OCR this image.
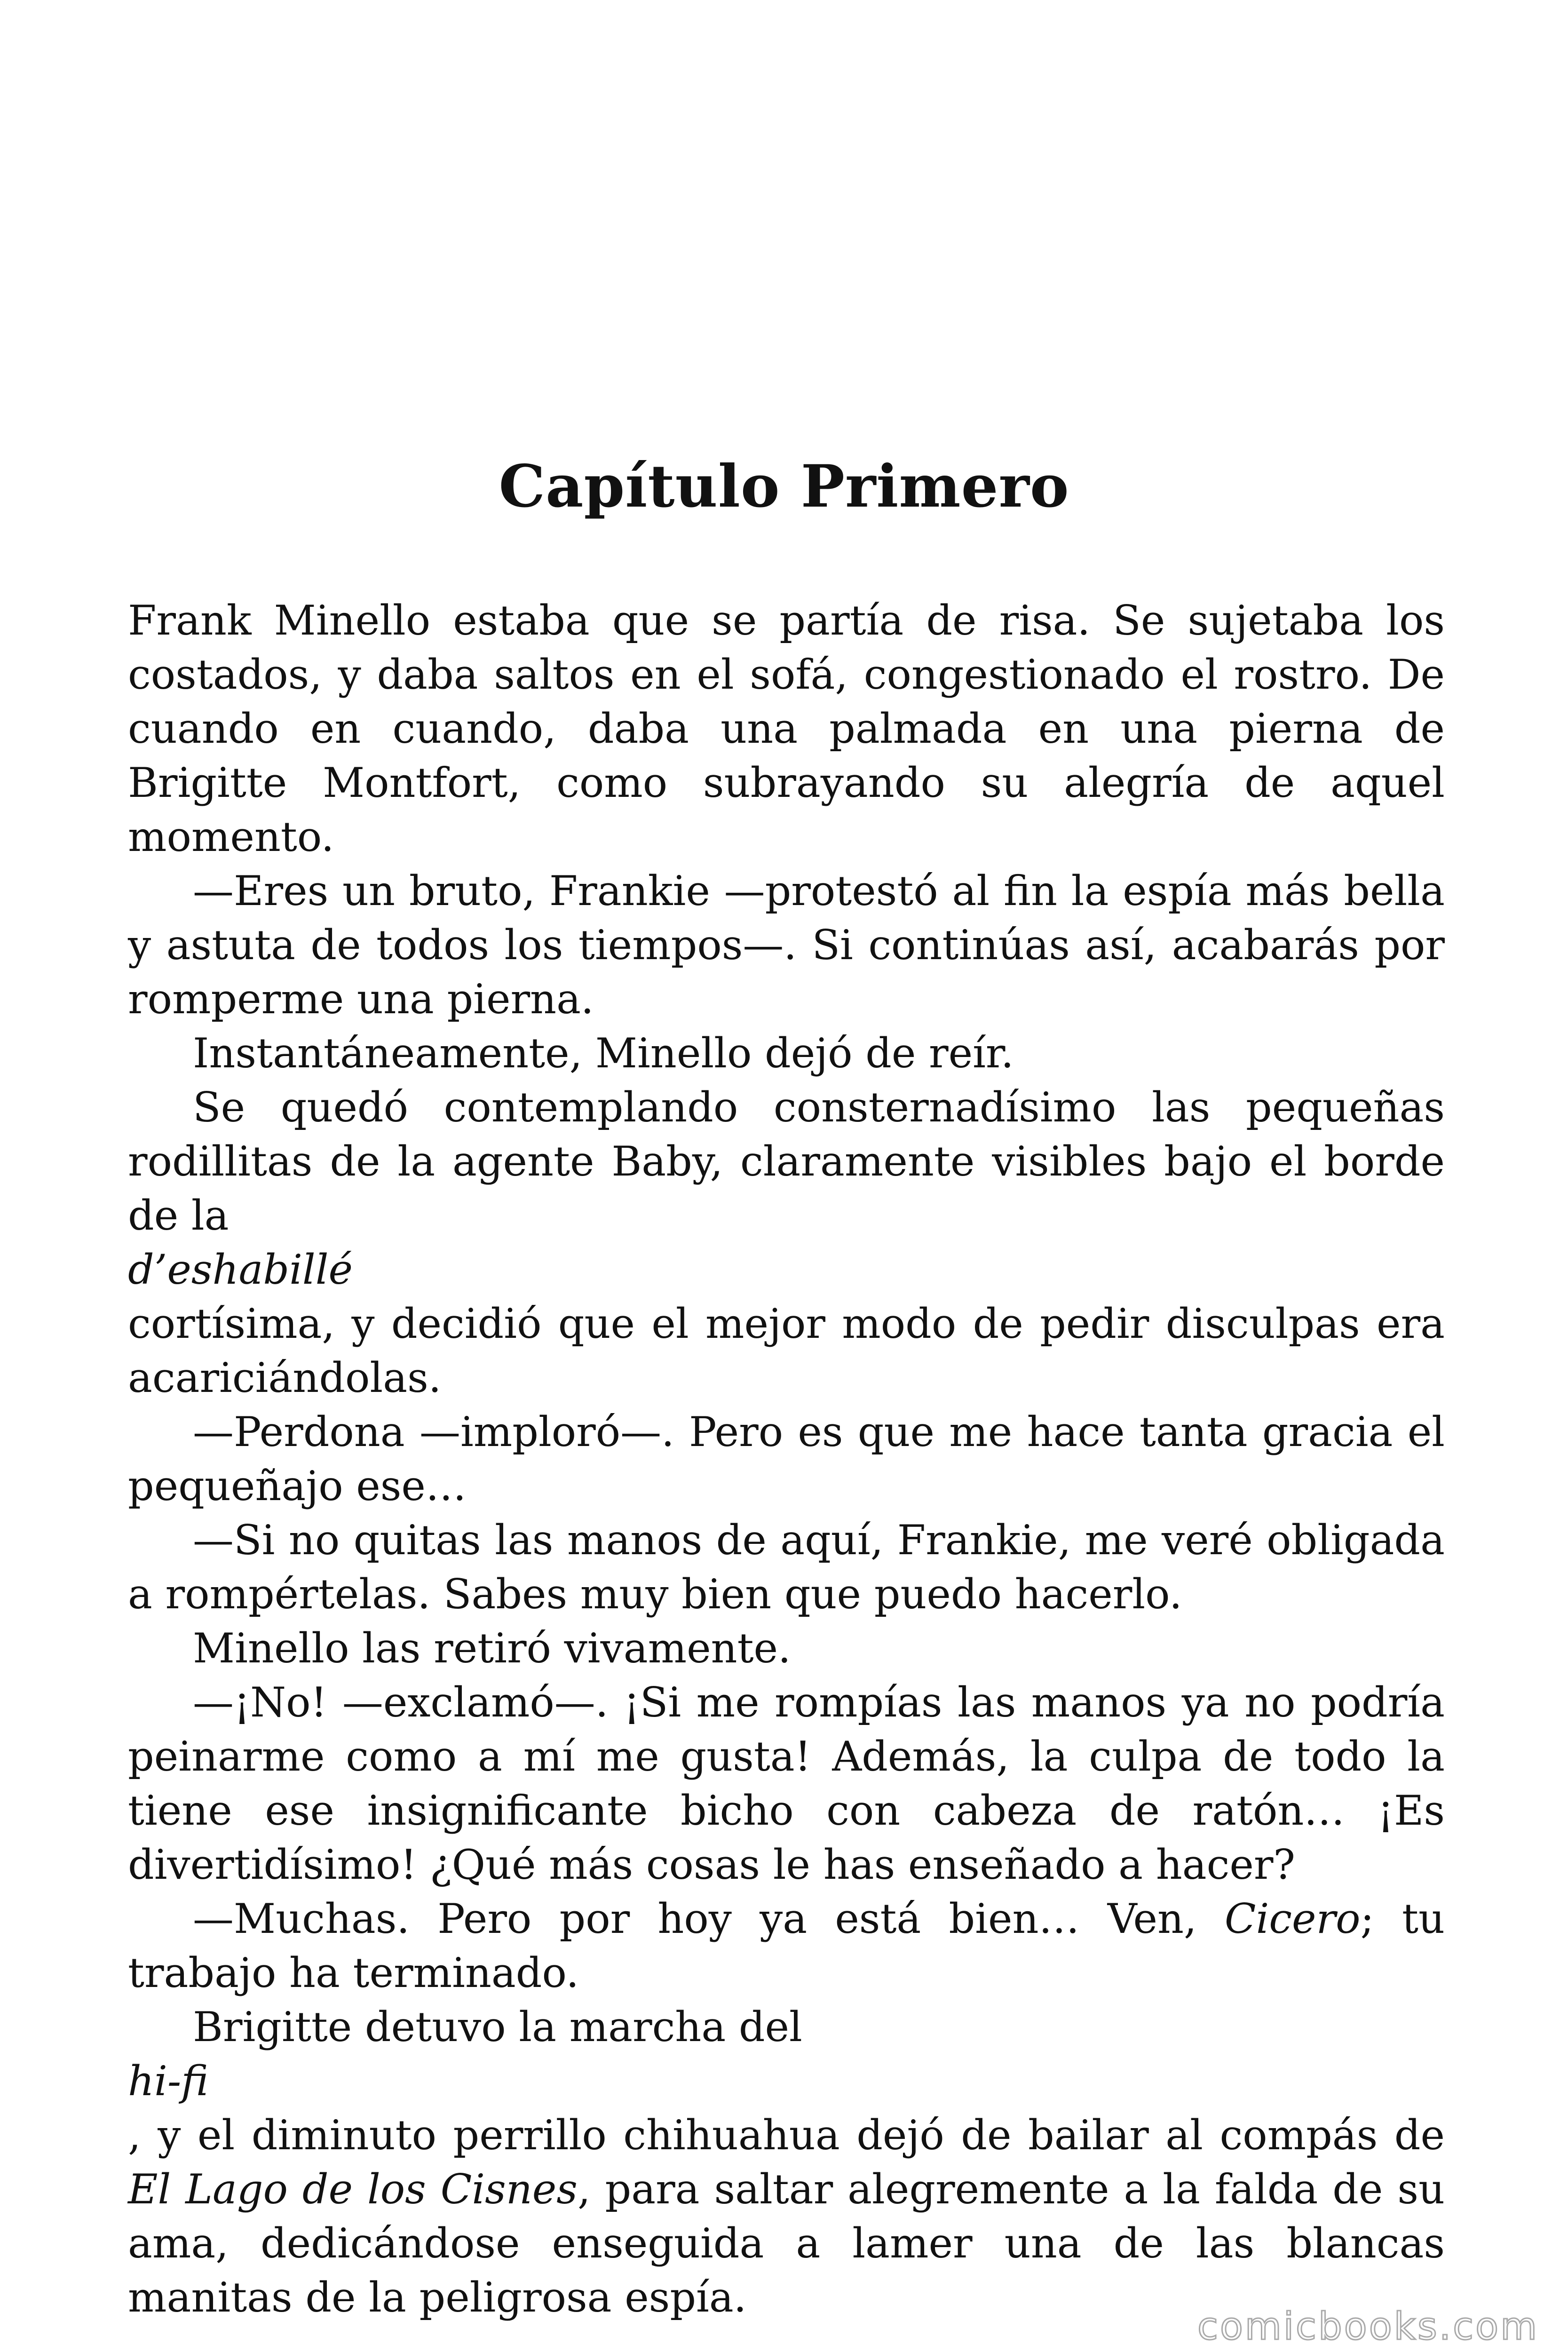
Capítulo Primero

Frank Minello estaba que se partía de risa. Se sujetaba los costados, y daba saltos en el sofá, congestionado el rostro. De cuando en cuando, daba una palmada en una pierna de Brigitte Montfort, como subrayando su alegría de aquel momento.

—Eres un bruto, Frankie —protestó al fin la espía más bella y astuta de todos los tiempos—. Si continúas así, acabarás por romperme una pierna.

Instantáneamente, Minello dejó de reír.

Se quedó contemplando consternadísimo las pequeñas rodillitas de la agente Baby, claramente visibles bajo el borde de la

d’eshabillé

cortísima, y decidió que el mejor modo de pedir disculpas era acariciándolas.

—Perdona —imploró—. Pero es que me hace tanta gracia el pequeñajo ese…

—Si no quitas las manos de aquí, Frankie, me veré obligada a rompértelas. Sabes muy bien que puedo hacerlo.

Minello las retiró vivamente.

—¡No! —exclamó—. ¡Si me rompías las manos ya no podría peinarme como a mí me gusta! Además, la culpa de todo la tiene ese insignificante bicho con cabeza de ratón… ¡Es divertidísimo! ¿Qué más cosas le has enseñado a hacer?

—Muchas. Pero por hoy ya está bien… Ven, Cicero; tu trabajo ha terminado.

Brigitte detuvo la marcha del

hi-fi

, y el diminuto perrillo chihuahua dejó de bailar al compás de El Lago de los Cisnes, para saltar alegremente a la falda de su ama, dedicándose enseguida a lamer una de las blancas manitas de la peligrosa espía.

comicbooks.com
